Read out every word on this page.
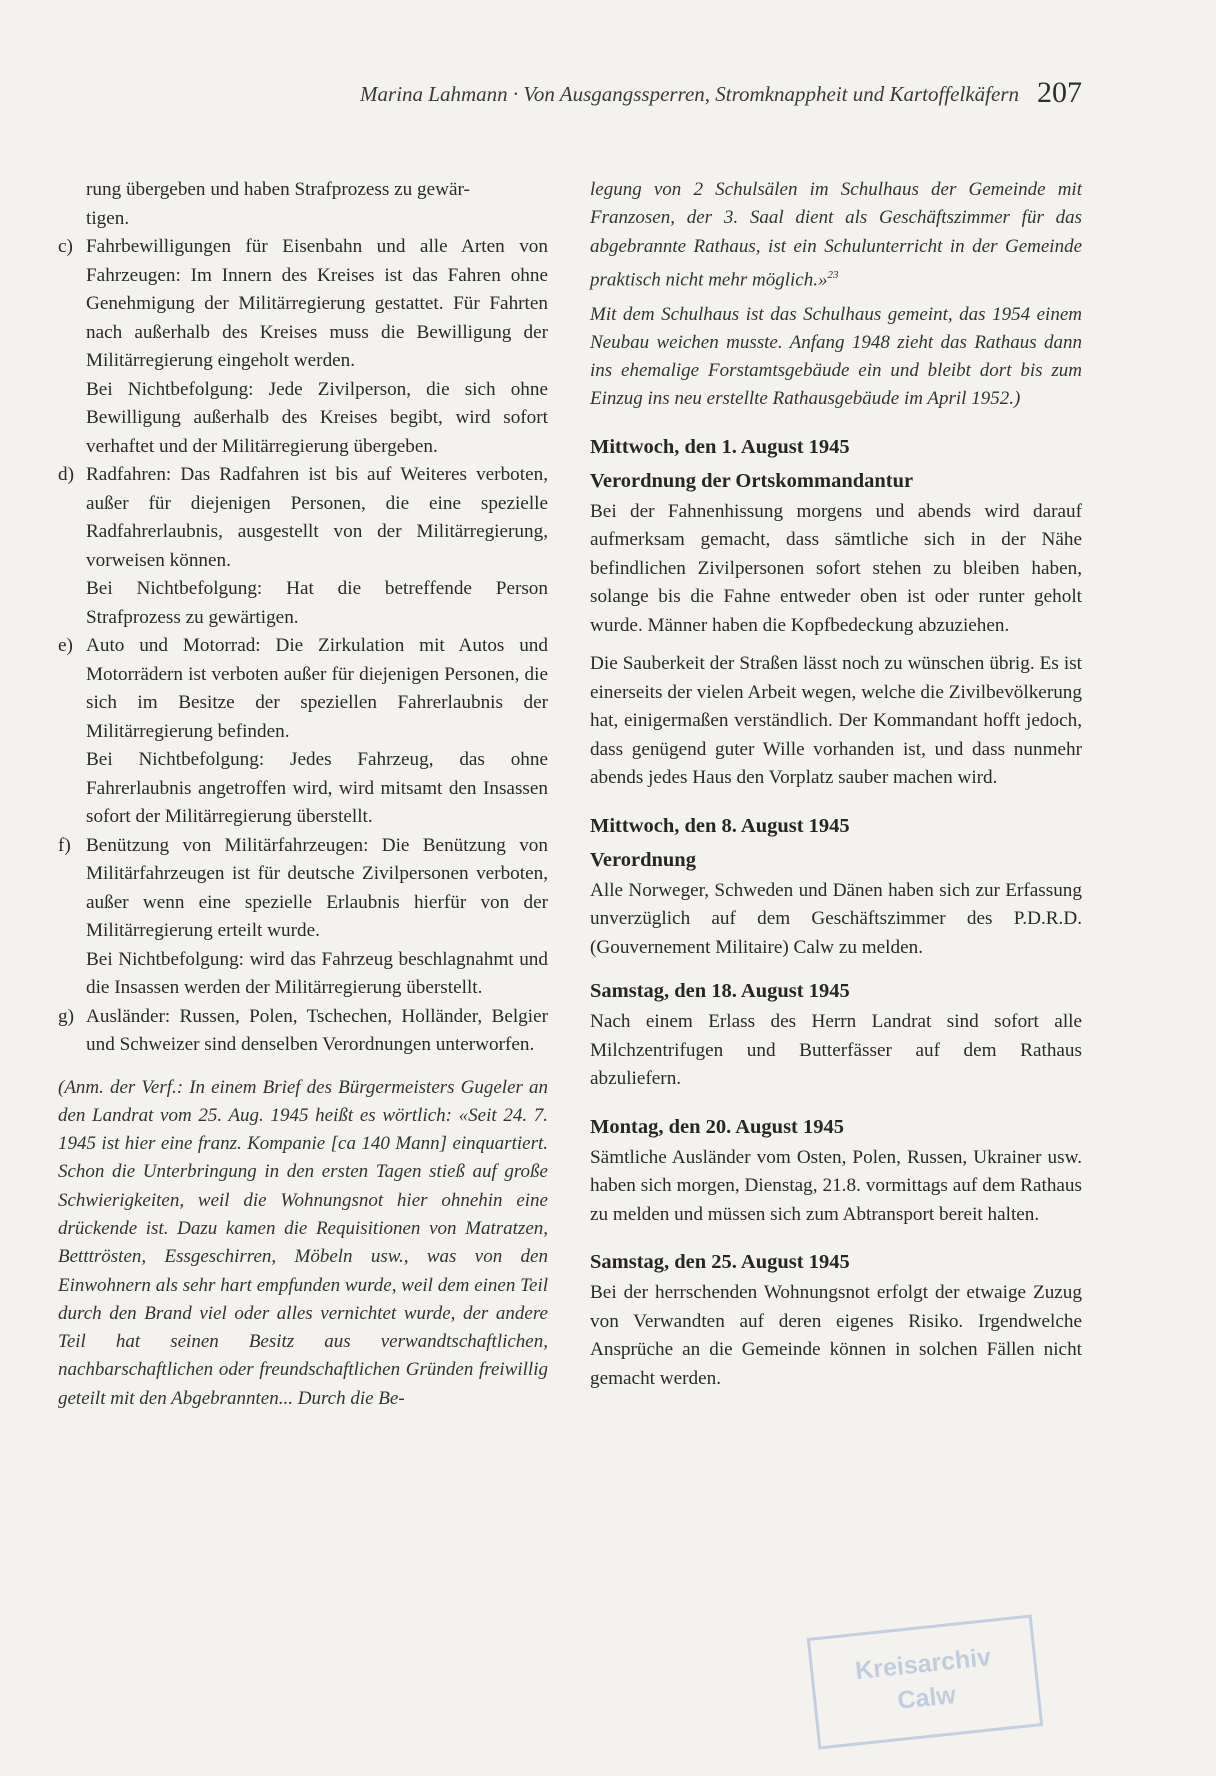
Marina Lahmann · Von Ausgangssperren, Stromknappheit und Kartoffelkäfern 207

rung übergeben und haben Strafprozess zu gewär-

tigen.

c) Fahrbewilligungen für Eisenbahn und alle Arten von Fahrzeugen: Im Innern des Kreises ist das Fahren ohne Genehmigung der Militärregierung gestattet. Für Fahrten nach außerhalb des Kreises muss die Bewilligung der Militärregierung eingeholt werden.
Bei Nichtbefolgung: Jede Zivilperson, die sich ohne Bewilligung außerhalb des Kreises begibt, wird sofort verhaftet und der Militärregierung übergeben.
d) Radfahren: Das Radfahren ist bis auf Weiteres verboten, außer für diejenigen Personen, die eine spezielle Radfahrerlaubnis, ausgestellt von der Militärregierung, vorweisen können.
Bei Nichtbefolgung: Hat die betreffende Person Strafprozess zu gewärtigen.
e) Auto und Motorrad: Die Zirkulation mit Autos und Motorrädern ist verboten außer für diejenigen Personen, die sich im Besitze der speziellen Fahrerlaubnis der Militärregierung befinden.
Bei Nichtbefolgung: Jedes Fahrzeug, das ohne Fahrerlaubnis angetroffen wird, wird mitsamt den Insassen sofort der Militärregierung überstellt.
f) Benützung von Militärfahrzeugen: Die Benützung von Militärfahrzeugen ist für deutsche Zivilpersonen verboten, außer wenn eine spezielle Erlaubnis hierfür von der Militärregierung erteilt wurde.
Bei Nichtbefolgung: wird das Fahrzeug beschlagnahmt und die Insassen werden der Militärregierung überstellt.
g) Ausländer: Russen, Polen, Tschechen, Holländer, Belgier und Schweizer sind denselben Verordnungen unterworfen.

(Anm. der Verf.: In einem Brief des Bürgermeisters Gugeler an den Landrat vom 25. Aug. 1945 heißt es wörtlich: «Seit 24. 7. 1945 ist hier eine franz. Kompanie [ca 140 Mann] einquartiert. Schon die Unterbringung in den ersten Tagen stieß auf große Schwierigkeiten, weil die Wohnungsnot hier ohnehin eine drückende ist. Dazu kamen die Requisitionen von Matratzen, Betttrösten, Essgeschirren, Möbeln usw., was von den Einwohnern als sehr hart empfunden wurde, weil dem einen Teil durch den Brand viel oder alles vernichtet wurde, der andere Teil hat seinen Besitz aus verwandtschaftlichen, nachbarschaftlichen oder freundschaftlichen Gründen freiwillig geteilt mit den Abgebrannten... Durch die Be-

legung von 2 Schulsälen im Schulhaus der Gemeinde mit Franzosen, der 3. Saal dient als Geschäftszimmer für das abgebrannte Rathaus, ist ein Schulunterricht in der Gemeinde praktisch nicht mehr möglich.»$^{23}$

Mit dem Schulhaus ist das Schulhaus gemeint, das 1954 einem Neubau weichen musste. Anfang 1948 zieht das Rathaus dann ins ehemalige Forstamtsgebäude ein und bleibt dort bis zum Einzug ins neu erstellte Rathausgebäude im April 1952.)

Mittwoch, den 1. August 1945

Verordnung der Ortskommandantur

Bei der Fahnenhissung morgens und abends wird darauf aufmerksam gemacht, dass sämtliche sich in der Nähe befindlichen Zivilpersonen sofort stehen zu bleiben haben, solange bis die Fahne entweder oben ist oder runter geholt wurde. Männer haben die Kopfbedeckung abzuziehen.

Die Sauberkeit der Straßen lässt noch zu wünschen übrig. Es ist einerseits der vielen Arbeit wegen, welche die Zivilbevölkerung hat, einigermaßen verständlich. Der Kommandant hofft jedoch, dass genügend guter Wille vorhanden ist, und dass nunmehr abends jedes Haus den Vorplatz sauber machen wird.

Mittwoch, den 8. August 1945

Verordnung

Alle Norweger, Schweden und Dänen haben sich zur Erfassung unverzüglich auf dem Geschäftszimmer des P.D.R.D. (Gouvernement Militaire) Calw zu melden.

Samstag, den 18. August 1945

Nach einem Erlass des Herrn Landrat sind sofort alle Milchzentrifugen und Butterfässer auf dem Rathaus abzuliefern.

Montag, den 20. August 1945

Sämtliche Ausländer vom Osten, Polen, Russen, Ukrainer usw. haben sich morgen, Dienstag, 21.8. vormittags auf dem Rathaus zu melden und müssen sich zum Abtransport bereit halten.

Samstag, den 25. August 1945

Bei der herrschenden Wohnungsnot erfolgt der etwaige Zuzug von Verwandten auf deren eigenes Risiko. Irgendwelche Ansprüche an die Gemeinde können in solchen Fällen nicht gemacht werden.

Kreisarchiv
Calw
